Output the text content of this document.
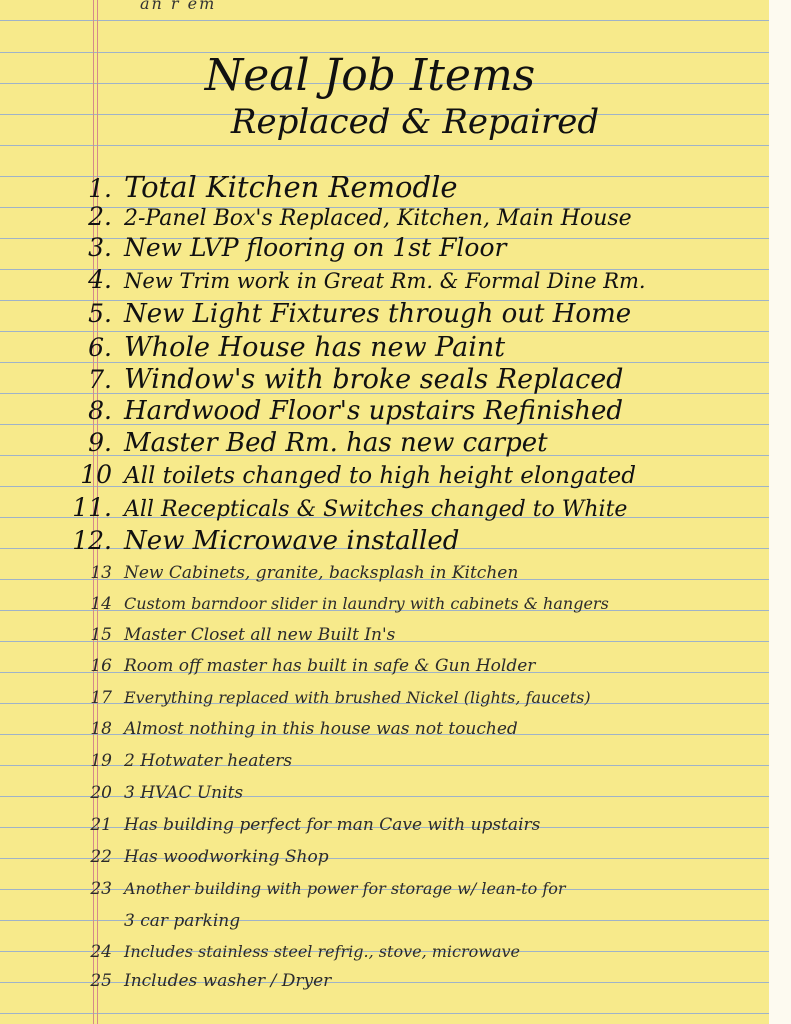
an r em
Neal Job Items
Replaced & Repaired
1. Total Kitchen Remodle
2. 2-Panel Box's Replaced, Kitchen, Main House
3. New LVP flooring on 1st Floor
4. New Trim work in Great Rm. & Formal Dine Rm.
5. New Light Fixtures through out Home
6. Whole House has new Paint
7. Window's with broke seals Replaced
8. Hardwood Floor's upstairs Refinished
9. Master Bed Rm. has new carpet
10 All toilets changed to high height elongated
11. All Recepticals & Switches changed to White
12. New Microwave installed
13 New Cabinets, granite, backsplash in Kitchen
14 Custom barndoor slider in laundry with cabinets & hangers
15 Master Closet all new Built In's
16 Room off master has built in safe & Gun Holder
17 Everything replaced with brushed Nickel (lights, faucets)
18 Almost nothing in this house was not touched
19 2 Hotwater heaters
20 3 HVAC Units
21 Has building perfect for man Cave with upstairs
22 Has woodworking Shop
23 Another building with power for storage w/ lean-to for
3 car parking
24 Includes stainless steel refrig., stove, microwave
25 Includes washer / Dryer
